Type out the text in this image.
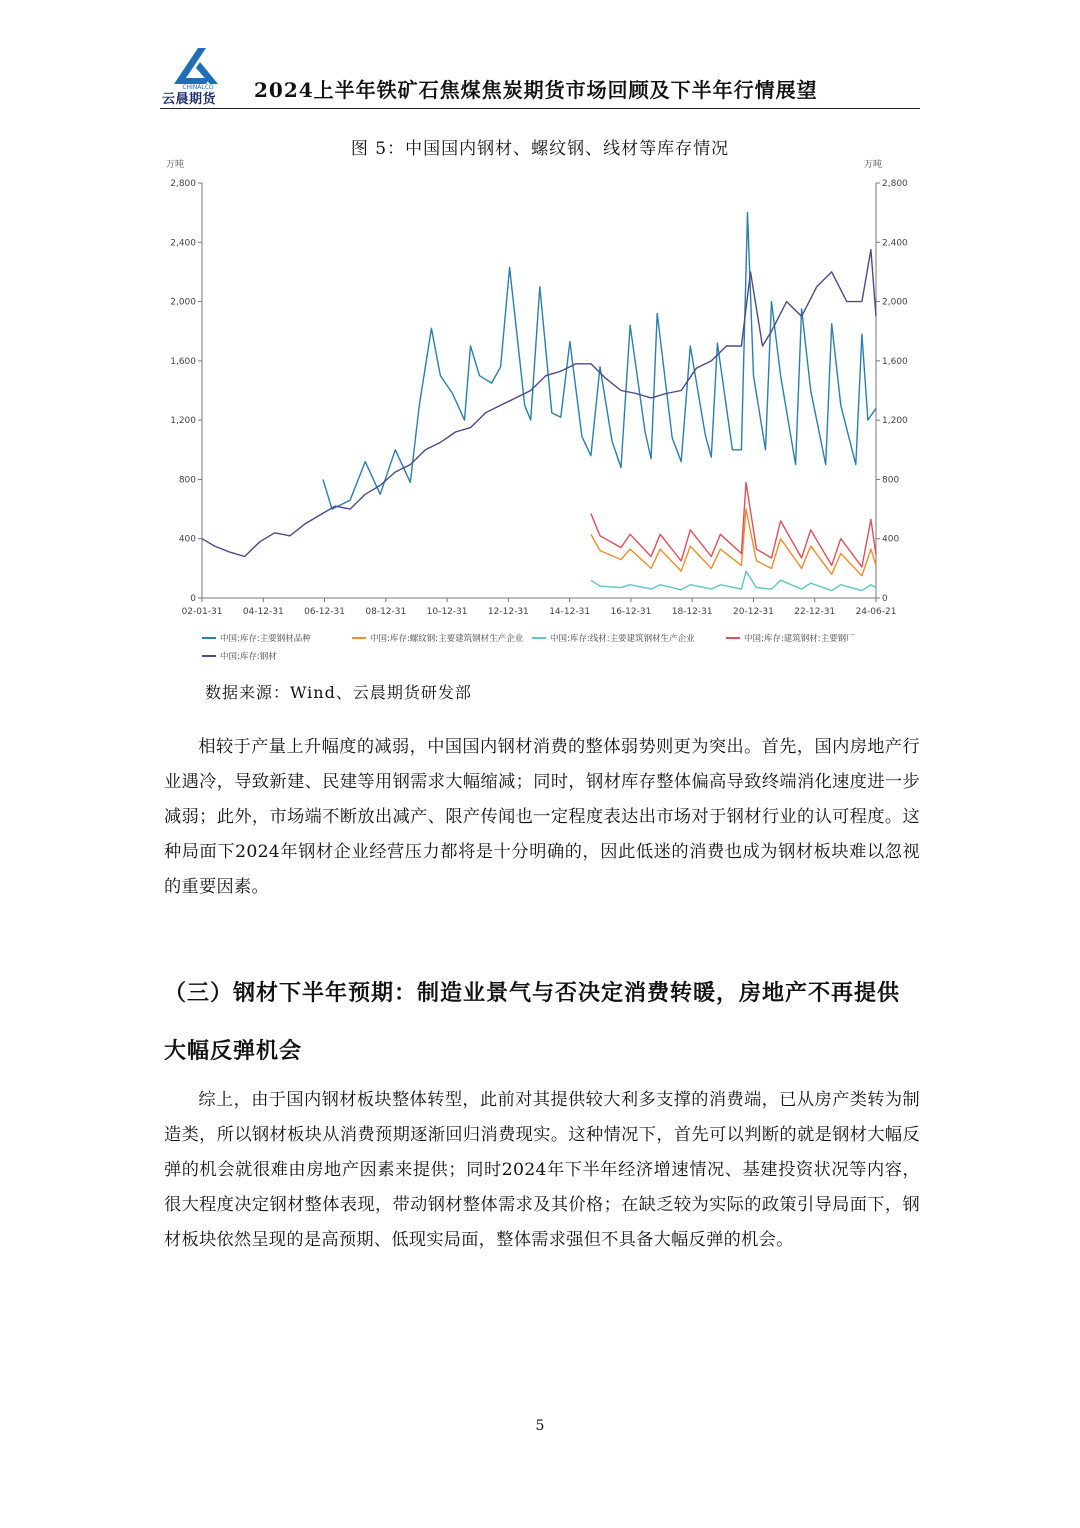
CHINALCO
云晨期货 2024上半年铁矿石焦煤焦炭期货市场回顾及下半年行情展望
图 5：中国国内钢材、螺纹钢、线材等库存情况
万吨	万吨
0	0
400	400
800	800
1,200	1,200
1,600	1,600
2,000	2,000
2,400	2,400
2,800	2,800
02-01-31 04-12-31 06-12-31 08-12-31 10-12-31 12-12-31 14-12-31 16-12-31 18-12-31 20-12-31 22-12-31 24-06-21
中国:库存:主要钢材品种	中国:库存:螺纹钢:主要建筑钢材生产企业	中国:库存:线材:主要建筑钢材生产企业	中国:库存:建筑钢材:主要钢厂
中国:库存:钢材
数据来源：Wind、云晨期货研发部

相较于产量上升幅度的减弱，中国国内钢材消费的整体弱势则更为突出。首先，国内房地产行业遇冷，导致新建、民建等用钢需求大幅缩减；同时，钢材库存整体偏高导致终端消化速度进一步减弱；此外，市场端不断放出减产、限产传闻也一定程度表达出市场对于钢材行业的认可程度。这种局面下2024年钢材企业经营压力都将是十分明确的，因此低迷的消费也成为钢材板块难以忽视的重要因素。

（三）钢材下半年预期：制造业景气与否决定消费转暖，房地产不再提供大幅反弹机会

综上，由于国内钢材板块整体转型，此前对其提供较大利多支撑的消费端，已从房产类转为制造类，所以钢材板块从消费预期逐渐回归消费现实。这种情况下，首先可以判断的就是钢材大幅反弹的机会就很难由房地产因素来提供；同时2024年下半年经济增速情况、基建投资状况等内容，很大程度决定钢材整体表现，带动钢材整体需求及其价格；在缺乏较为实际的政策引导局面下，钢材板块依然呈现的是高预期、低现实局面，整体需求强但不具备大幅反弹的机会。

5
